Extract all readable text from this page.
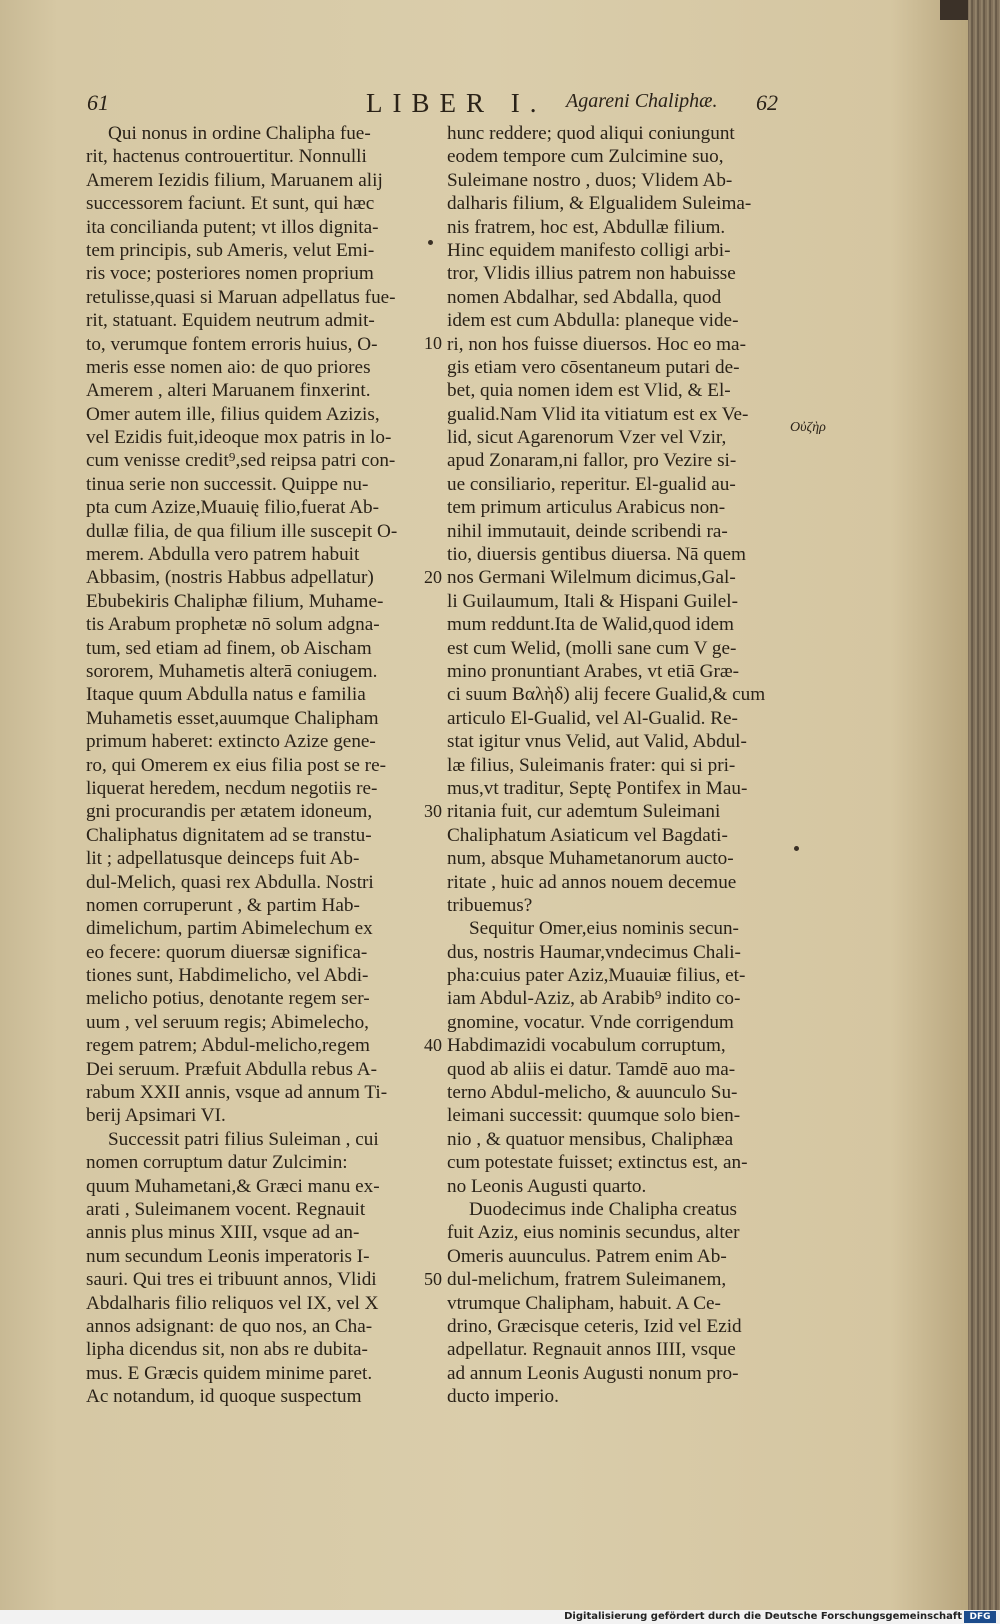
61	LIBER I. Agareni Chaliphæ. 62
Qui nonus in ordine Chalipha fue-
rit, hactenus controuertitur. Nonnulli
Amerem Iezidis filium, Maruanem alij
successorem faciunt. Et sunt, qui hæc
ita concilianda putent; vt illos dignita-
tem principis, sub Ameris, velut Emi-
ris voce; posteriores nomen proprium
retulisse,quasi si Maruan adpellatus fue-
rit, statuant. Equidem neutrum admit-
to, verumque fontem erroris huius, O-
meris esse nomen aio: de quo priores
Amerem , alteri Maruanem finxerint.
Omer autem ille, filius quidem Azizis,
vel Ezidis fuit,ideoque mox patris in lo-
cum venisse credit⁹,sed reipsa patri con-
tinua serie non successit. Quippe nu-
pta cum Azize,Muauię filio,fuerat Ab-
dullæ filia, de qua filium ille suscepit O-
merem. Abdulla vero patrem habuit
Abbasim, (nostris Habbus adpellatur)
Ebubekiris Chaliphæ filium, Muhame-
tis Arabum prophetæ nō solum adgna-
tum, sed etiam ad finem, ob Aischam
sororem, Muhametis alterā coniugem.
Itaque quum Abdulla natus e familia
Muhametis esset,auumque Chalipham
primum haberet: extincto Azize gene-
ro, qui Omerem ex eius filia post se re-
liquerat heredem, necdum negotiis re-
gni procurandis per ætatem idoneum,
Chaliphatus dignitatem ad se transtu-
lit ; adpellatusque deinceps fuit Ab-
dul-Melich, quasi rex Abdulla. Nostri
nomen corruperunt , & partim Hab-
dimelichum, partim Abimelechum ex
eo fecere: quorum diuersæ significa-
tiones sunt, Habdimelicho, vel Abdi-
melicho potius, denotante regem ser-
uum , vel seruum regis; Abimelecho,
regem patrem; Abdul-melicho,regem
Dei seruum. Præfuit Abdulla rebus A-
rabum XXII annis, vsque ad annum Ti-
berij Apsimari VI.
Successit patri filius Suleiman , cui
nomen corruptum datur Zulcimin:
quum Muhametani,& Græci manu ex-
arati , Suleimanem vocent. Regnauit
annis plus minus XIII, vsque ad an-
num secundum Leonis imperatoris I-
sauri. Qui tres ei tribuunt annos, Vlidi
Abdalharis filio reliquos vel IX, vel X
annos adsignant: de quo nos, an Cha-
lipha dicendus sit, non abs re dubita-
mus. E Græcis quidem minime paret.
Ac notandum, id quoque suspectum
hunc reddere; quod aliqui coniungunt
eodem tempore cum Zulcimine suo,
Suleimane nostro , duos; Vlidem Ab-
dalharis filium, & Elgualidem Suleima-
nis fratrem, hoc est, Abdullæ filium.
Hinc equidem manifesto colligi arbi-
tror, Vlidis illius patrem non habuisse
nomen Abdalhar, sed Abdalla, quod
idem est cum Abdulla: planeque vide-
ri, non hos fuisse diuersos. Hoc eo ma-
gis etiam vero cōsentaneum putari de-
bet, quia nomen idem est Vlid, & El-
gualid.Nam Vlid ita vitiatum est ex Ve-
lid, sicut Agarenorum Vzer vel Vzir,
apud Zonaram,ni fallor, pro Vezire si-
ue consiliario, reperitur. El-gualid au-
tem primum articulus Arabicus non-
nihil immutauit, deinde scribendi ra-
tio, diuersis gentibus diuersa. Nā quem
nos Germani Wilelmum dicimus,Gal-
li Guilaumum, Itali & Hispani Guilel-
mum reddunt.Ita de Walid,quod idem
est cum Welid, (molli sane cum V ge-
mino pronuntiant Arabes, vt etiā Græ-
ci suum Βαλὴδ) alij fecere Gualid,& cum
articulo El-Gualid, vel Al-Gualid. Re-
stat igitur vnus Velid, aut Valid, Abdul-
læ filius, Suleimanis frater: qui si pri-
mus,vt traditur, Septę Pontifex in Mau-
ritania fuit, cur ademtum Suleimani
Chaliphatum Asiaticum vel Bagdati-
num, absque Muhametanorum aucto-
ritate , huic ad annos nouem decemue
tribuemus?
Sequitur Omer,eius nominis secun-
dus, nostris Haumar,vndecimus Chali-
pha:cuius pater Aziz,Muauiæ filius, et-
iam Abdul-Aziz, ab Arabib⁹ indito co-
gnomine, vocatur. Vnde corrigendum
Habdimazidi vocabulum corruptum,
quod ab aliis ei datur. Tamdē auo ma-
terno Abdul-melicho, & auunculo Su-
leimani successit: quumque solo bien-
nio , & quatuor mensibus, Chaliphæa
cum potestate fuisset; extinctus est, an-
no Leonis Augusti quarto.
Duodecimus inde Chalipha creatus
fuit Aziz, eius nominis secundus, alter
Omeris auunculus. Patrem enim Ab-
dul-melichum, fratrem Suleimanem,
vtrumque Chalipham, habuit. A Ce-
drino, Græcisque ceteris, Izid vel Ezid
adpellatur. Regnauit annos IIII, vsque
ad annum Leonis Augusti nonum pro-
ducto imperio.
10
20
30
40
50
Οὐζὴρ
Digitalisierung gefördert durch die Deutsche Forschungsgemeinschaft DFG
